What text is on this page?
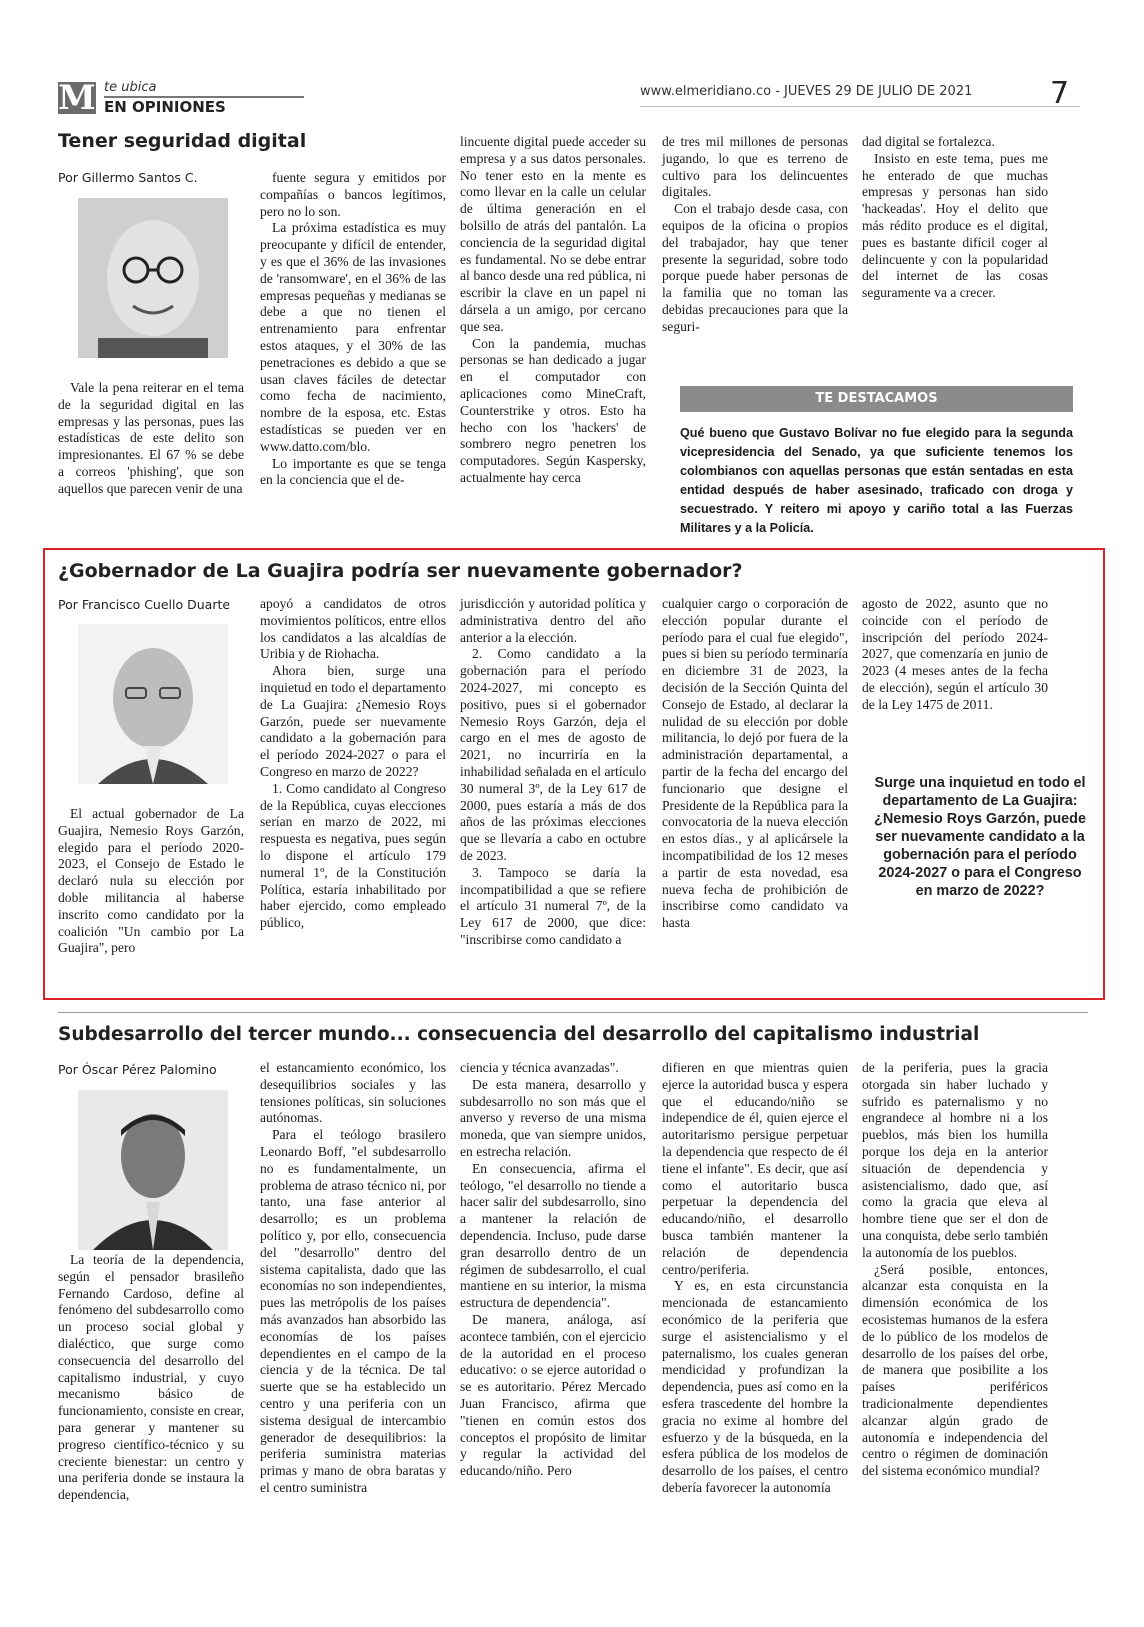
M te ubica
EN OPINIONES
www.elmeridiano.co - JUEVES 29 DE JULIO DE 2021	7
Tener seguridad digital
Por Gillermo Santos C.

Vale la pena reiterar en el tema de la seguridad digital en las empresas y las personas, pues las estadísticas de este delito son impresionantes. El 67 % se debe a correos 'phishing', que son aquellos que parecen venir de una

fuente segura y emitidos por compañías o bancos legítimos, pero no lo son.

La próxima estadística es muy preocupante y difícil de entender, y es que el 36% de las invasiones de 'ransomware', en el 36% de las empresas pequeñas y medianas se debe a que no tienen el entrenamiento para enfrentar estos ataques, y el 30% de las penetraciones es debido a que se usan claves fáciles de detectar como fecha de nacimiento, nombre de la esposa, etc. Estas estadísticas se pueden ver en www.datto.com/blo.

Lo importante es que se tenga en la conciencia que el de-

lincuente digital puede acceder su empresa y a sus datos personales. No tener esto en la mente es como llevar en la calle un celular de última generación en el bolsillo de atrás del pantalón. La conciencia de la seguridad digital es fundamental. No se debe entrar al banco desde una red pública, ni escribir la clave en un papel ni dársela a un amigo, por cercano que sea.

Con la pandemia, muchas personas se han dedicado a jugar en el computador con aplicaciones como MineCraft, Counterstrike y otros. Esto ha hecho con los 'hackers' de sombrero negro penetren los computadores. Según Kaspersky, actualmente hay cerca

de tres mil millones de personas jugando, lo que es terreno de cultivo para los delincuentes digitales.

Con el trabajo desde casa, con equipos de la oficina o propios del trabajador, hay que tener presente la seguridad, sobre todo porque puede haber personas de la familia que no toman las debidas precauciones para que la seguri-

dad digital se fortalezca.

Insisto en este tema, pues me he enterado de que muchas empresas y personas han sido 'hackeadas'. Hoy el delito que más rédito produce es el digital, pues es bastante difícil coger al delincuente y con la popularidad del internet de las cosas seguramente va a crecer.

TE DESTACAMOS
Qué bueno que Gustavo Bolívar no fue elegido para la segunda vicepresidencia del Senado, ya que suficiente tenemos los colombianos con aquellas personas que están sentadas en esta entidad después de haber asesinado, traficado con droga y secuestrado. Y reitero mi apoyo y cariño total a las Fuerzas Militares y a la Policía.
¿Gobernador de La Guajira podría ser nuevamente gobernador?
Por Francisco Cuello Duarte

El actual gobernador de La Guajira, Nemesio Roys Garzón, elegido para el período 2020-2023, el Consejo de Estado le declaró nula su elección por doble militancia al haberse inscrito como candidato por la coalición "Un cambio por La Guajira", pero

apoyó a candidatos de otros movimientos políticos, entre ellos los candidatos a las alcaldías de Uribia y de Riohacha.

Ahora bien, surge una inquietud en todo el departamento de La Guajira: ¿Nemesio Roys Garzón, puede ser nuevamente candidato a la gobernación para el período 2024-2027 o para el Congreso en marzo de 2022?

1. Como candidato al Congreso de la República, cuyas elecciones serían en marzo de 2022, mi respuesta es negativa, pues según lo dispone el artículo 179 numeral 1º, de la Constitución Política, estaría inhabilitado por haber ejercido, como empleado público,

jurisdicción y autoridad política y administrativa dentro del año anterior a la elección.

2. Como candidato a la gobernación para el período 2024-2027, mi concepto es positivo, pues si el gobernador Nemesio Roys Garzón, deja el cargo en el mes de agosto de 2021, no incurriría en la inhabilidad señalada en el artículo 30 numeral 3º, de la Ley 617 de 2000, pues estaría a más de dos años de las próximas elecciones que se llevaría a cabo en octubre de 2023.

3. Tampoco se daría la incompatibilidad a que se refiere el artículo 31 numeral 7º, de la Ley 617 de 2000, que dice: "inscribirse como candidato a

cualquier cargo o corporación de elección popular durante el período para el cual fue elegido", pues si bien su período terminaría en diciembre 31 de 2023, la decisión de la Sección Quinta del Consejo de Estado, al declarar la nulidad de su elección por doble militancia, lo dejó por fuera de la administración departamental, a partir de la fecha del encargo del funcionario que designe el Presidente de la República para la convocatoria de la nueva elección en estos días., y al aplicársele la incompatibilidad de los 12 meses a partir de esta novedad, esa nueva fecha de prohibición de inscribirse como candidato va hasta

agosto de 2022, asunto que no coincide con el período de inscripción del período 2024-2027, que comenzaría en junio de 2023 (4 meses antes de la fecha de elección), según el artículo 30 de la Ley 1475 de 2011.

Surge una inquietud en todo el departamento de La Guajira: ¿Nemesio Roys Garzón, puede ser nuevamente candidato a la gobernación para el período 2024-2027 o para el Congreso en marzo de 2022?
Subdesarrollo del tercer mundo... consecuencia del desarrollo del capitalismo industrial
Por Óscar Pérez Palomino

La teoría de la dependencia, según el pensador brasileño Fernando Cardoso, define al fenómeno del subdesarrollo como un proceso social global y dialéctico, que surge como consecuencia del desarrollo del capitalismo industrial, y cuyo mecanismo básico de funcionamiento, consiste en crear, para generar y mantener su progreso científico-técnico y su creciente bienestar: un centro y una periferia donde se instaura la dependencia,

el estancamiento económico, los desequilibrios sociales y las tensiones políticas, sin soluciones autónomas.

Para el teólogo brasilero Leonardo Boff, "el subdesarrollo no es fundamentalmente, un problema de atraso técnico ni, por tanto, una fase anterior al desarrollo; es un problema político y, por ello, consecuencia del "desarrollo" dentro del sistema capitalista, dado que las economías no son independientes, pues las metrópolis de los países más avanzados han absorbido las economías de los países dependientes en el campo de la ciencia y de la técnica. De tal suerte que se ha establecido un centro y una periferia con un sistema desigual de intercambio generador de desequilibrios: la periferia suministra materias primas y mano de obra baratas y el centro suministra

ciencia y técnica avanzadas".

De esta manera, desarrollo y subdesarrollo no son más que el anverso y reverso de una misma moneda, que van siempre unidos, en estrecha relación.

En consecuencia, afirma el teólogo, "el desarrollo no tiende a hacer salir del subdesarrollo, sino a mantener la relación de dependencia. Incluso, pude darse gran desarrollo dentro de un régimen de subdesarrollo, el cual mantiene en su interior, la misma estructura de dependencia".

De manera, análoga, así acontece también, con el ejercicio de la autoridad en el proceso educativo: o se ejerce autoridad o se es autoritario. Pérez Mercado Juan Francisco, afirma que "tienen en común estos dos conceptos el propósito de limitar y regular la actividad del educando/niño. Pero

difieren en que mientras quien ejerce la autoridad busca y espera que el educando/niño se independice de él, quien ejerce el autoritarismo persigue perpetuar la dependencia que respecto de él tiene el infante". Es decir, que así como el autoritario busca perpetuar la dependencia del educando/niño, el desarrollo busca también mantener la relación de dependencia centro/periferia.

Y es, en esta circunstancia mencionada de estancamiento económico de la periferia que surge el asistencialismo y el paternalismo, los cuales generan mendicidad y profundizan la dependencia, pues así como en la esfera trascedente del hombre la gracia no exime al hombre del esfuerzo y de la búsqueda, en la esfera pública de los modelos de desarrollo de los países, el centro debería favorecer la autonomía

de la periferia, pues la gracia otorgada sin haber luchado y sufrido es paternalismo y no engrandece al hombre ni a los pueblos, más bien los humilla porque los deja en la anterior situación de dependencia y asistencialismo, dado que, así como la gracia que eleva al hombre tiene que ser el don de una conquista, debe serlo también la autonomía de los pueblos.

¿Será posible, entonces, alcanzar esta conquista en la dimensión económica de los ecosistemas humanos de la esfera de lo público de los modelos de desarrollo de los países del orbe, de manera que posibilite a los países periféricos tradicionalmente dependientes alcanzar algún grado de autonomía e independencia del centro o régimen de dominación del sistema económico mundial?
